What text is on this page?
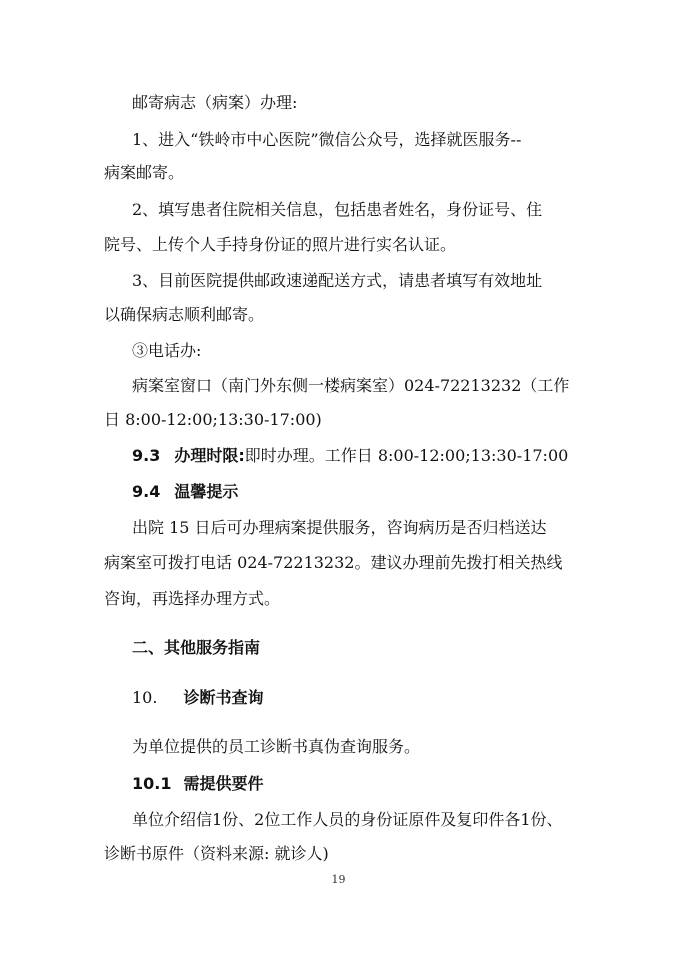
邮寄病志（病案）办理:
1、进入“铁岭市中心医院”微信公众号，选择就医服务--
病案邮寄。
2、填写患者住院相关信息，包括患者姓名，身份证号、住
院号、上传个人手持身份证的照片进行实名认证。
3、目前医院提供邮政速递配送方式，请患者填写有效地址
以确保病志顺利邮寄。
③电话办:
病案室窗口（南门外东侧一楼病案室）024-72213232（工作
日 8:00-12:00;13:30-17:00)
9.3 办理时限:即时办理。工作日 8:00-12:00;13:30-17:00
9.4 温馨提示
出院 15 日后可办理病案提供服务，咨询病历是否归档送达
病案室可拨打电话 024-72213232。建议办理前先拨打相关热线
咨询，再选择办理方式。
二、其他服务指南
10. 诊断书查询
为单位提供的员工诊断书真伪查询服务。
10.1 需提供要件
单位介绍信1份、2位工作人员的身份证原件及复印件各1份、
诊断书原件（资料来源: 就诊人)
19
